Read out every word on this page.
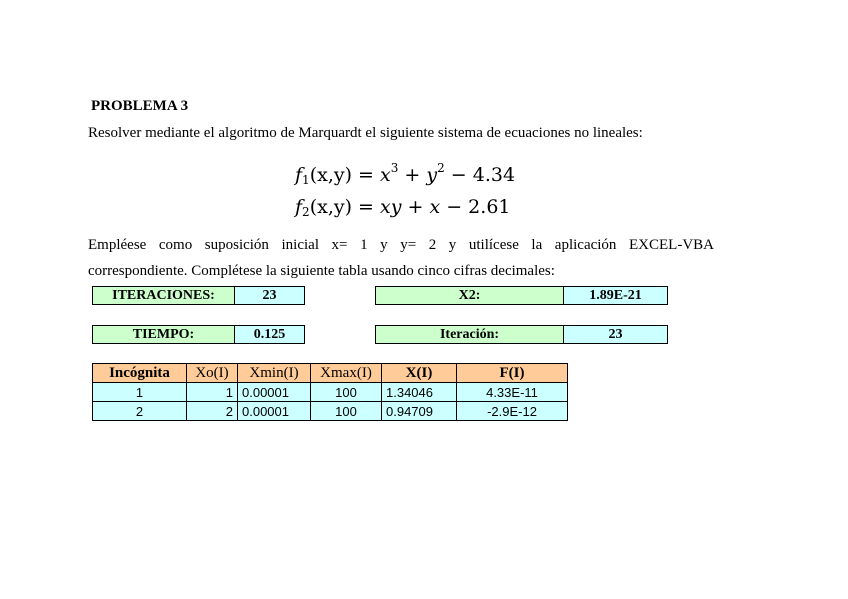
PROBLEMA 3
Resolver mediante el algoritmo de Marquardt el siguiente sistema de ecuaciones no lineales:
$f_1(x,y) = x^3 + y^2 - 4.34$
$f_2(x,y)$ = xy + x − 2.61
Empléese como suposición inicial x= 1 y y= 2 y utilícese la aplicación EXCEL-VBA
correspondiente. Complétese la siguiente tabla usando cinco cifras decimales:
ITERACIONES:	23
TIEMPO:	0.125
X2:	1.89E-21
Iteración:	23
Incógnita	Xo(I)	Xmin(I)	Xmax(I)	X(I)	F(I)
1	1	0.00001	100	1.34046	4.33E-11
2	2	0.00001	100	0.94709	-2.9E-12
